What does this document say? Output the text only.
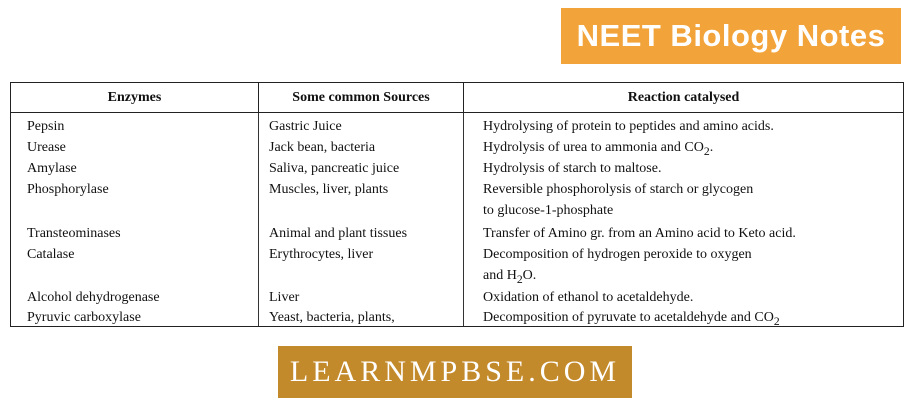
NEET Biology Notes
Enzymes	Some common Sources	Reaction catalysed
Pepsin	Gastric Juice	Hydrolysing of protein to peptides and amino acids.
Urease	Jack bean, bacteria	Hydrolysis of urea to ammonia and $CO_2$.
Amylase	Saliva, pancreatic juice	Hydrolysis of starch to maltose.
Phosphorylase	Muscles, liver, plants	Reversible phosphorolysis of starch or glycogen
to glucose-1-phosphate
Transteominases	Animal and plant tissues	Transfer of Amino gr. from an Amino acid to Keto acid.
Catalase	Erythrocytes, liver	Decomposition of hydrogen peroxide to oxygen
and $H_2O$.
Alcohol dehydrogenase	Liver	Oxidation of ethanol to acetaldehyde.
Pyruvic carboxylase	Yeast, bacteria, plants,	Decomposition of pyruvate to acetaldehyde and $CO_2$
LEARNMPBSE.COM
